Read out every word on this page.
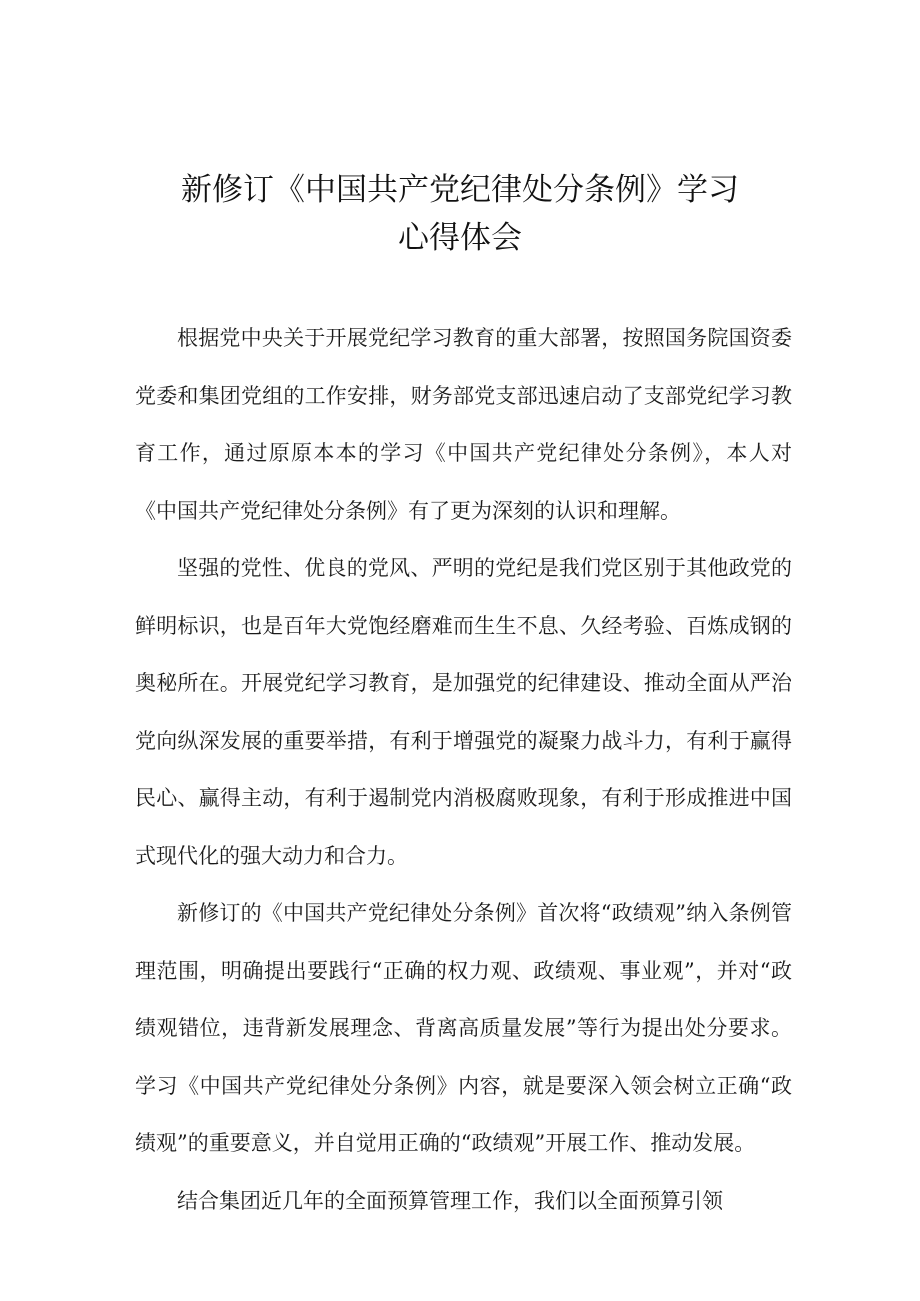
新修订《中国共产党纪律处分条例》学习
心得体会

根据党中央关于开展党纪学习教育的重大部署，按照国务院国资委党委和集团党组的工作安排，财务部党支部迅速启动了支部党纪学习教育工作，通过原原本本的学习《中国共产党纪律处分条例》，本人对《中国共产党纪律处分条例》有了更为深刻的认识和理解。

坚强的党性、优良的党风、严明的党纪是我们党区别于其他政党的鲜明标识，也是百年大党饱经磨难而生生不息、久经考验、百炼成钢的奥秘所在。开展党纪学习教育，是加强党的纪律建设、推动全面从严治党向纵深发展的重要举措，有利于增强党的凝聚力战斗力，有利于赢得民心、赢得主动，有利于遏制党内消极腐败现象，有利于形成推进中国式现代化的强大动力和合力。

新修订的《中国共产党纪律处分条例》首次将“政绩观”纳入条例管理范围，明确提出要践行“正确的权力观、政绩观、事业观”，并对“政绩观错位，违背新发展理念、背离高质量发展”等行为提出处分要求。学习《中国共产党纪律处分条例》内容，就是要深入领会树立正确“政绩观”的重要意义，并自觉用正确的“政绩观”开展工作、推动发展。

结合集团近几年的全面预算管理工作，我们以全面预算引领
